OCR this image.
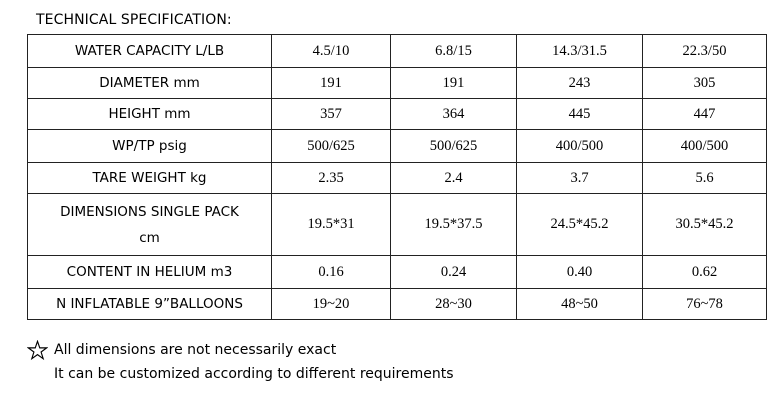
TECHNICAL SPECIFICATION:
WATER CAPACITY L/LB	4.5/10	6.8/15	14.3/31.5	22.3/50
DIAMETER mm	191	191	243	305
HEIGHT mm	357	364	445	447
WP/TP psig	500/625	500/625	400/500	400/500
TARE WEIGHT kg	2.35	2.4	3.7	5.6

DIMENSIONS SINGLE PACK
cm	19.5*31	19.5*37.5	24.5*45.2	30.5*45.2
CONTENT IN HELIUM m3	0.16	0.24	0.40	0.62
N INFLATABLE 9”BALLOONS	19~20	28~30	48~50	76~78
All dimensions are not necessarily exact
It can be customized according to different requirements
